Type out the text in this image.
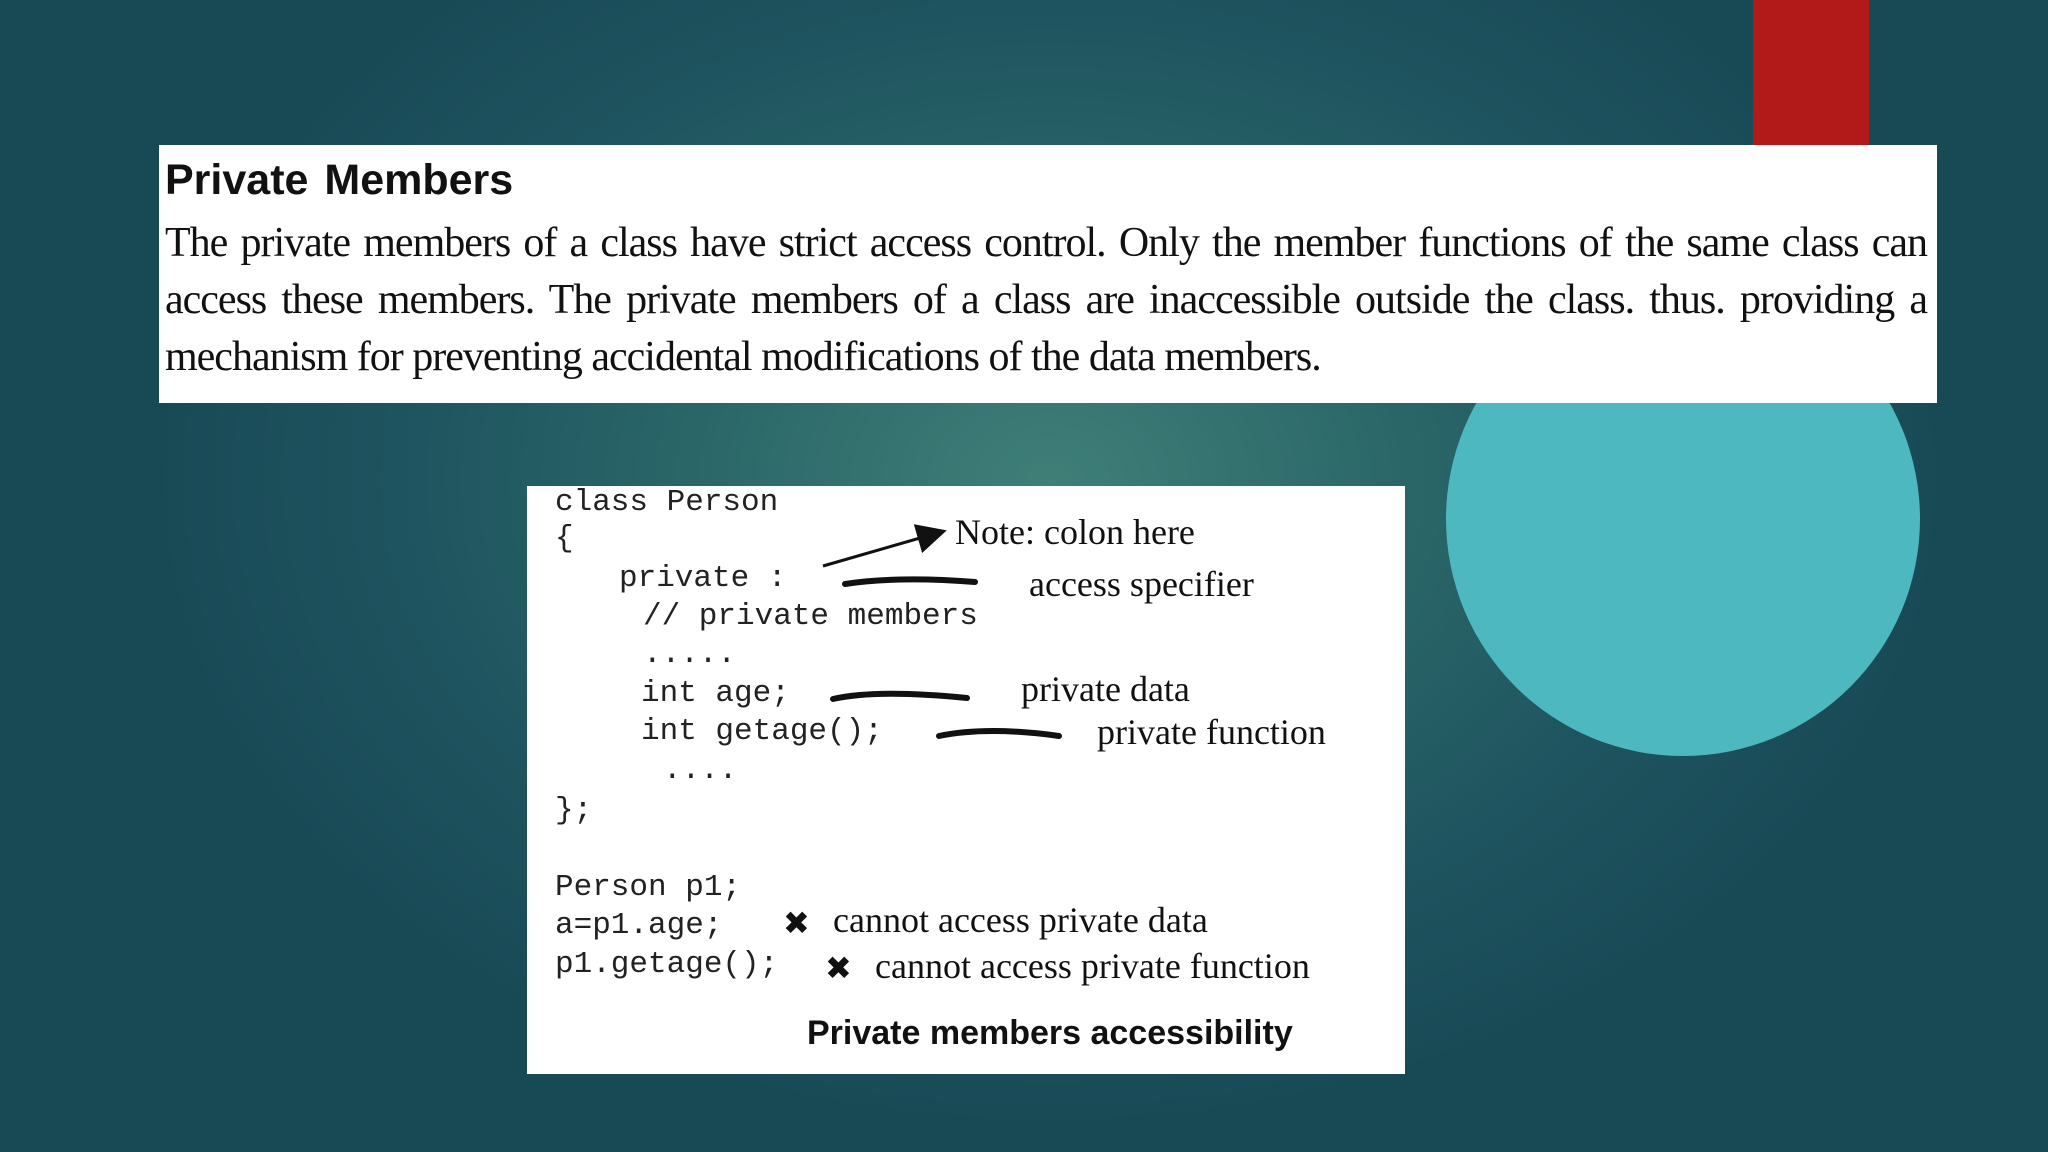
Private Members

The private members of a class have strict access control. Only the member functions of the same class can access these members. The private members of a class are inaccessible outside the class. thus. providing a mechanism for preventing accidental modifications of the data members.

class Person
{
private :
// private members
.....
int age;
int getage();
....
};
Person p1;
a=p1.age;
p1.getage();
Note: colon here
access specifier
private data
private function
✖ cannot access private data
✖ cannot access private function
Private members accessibility
